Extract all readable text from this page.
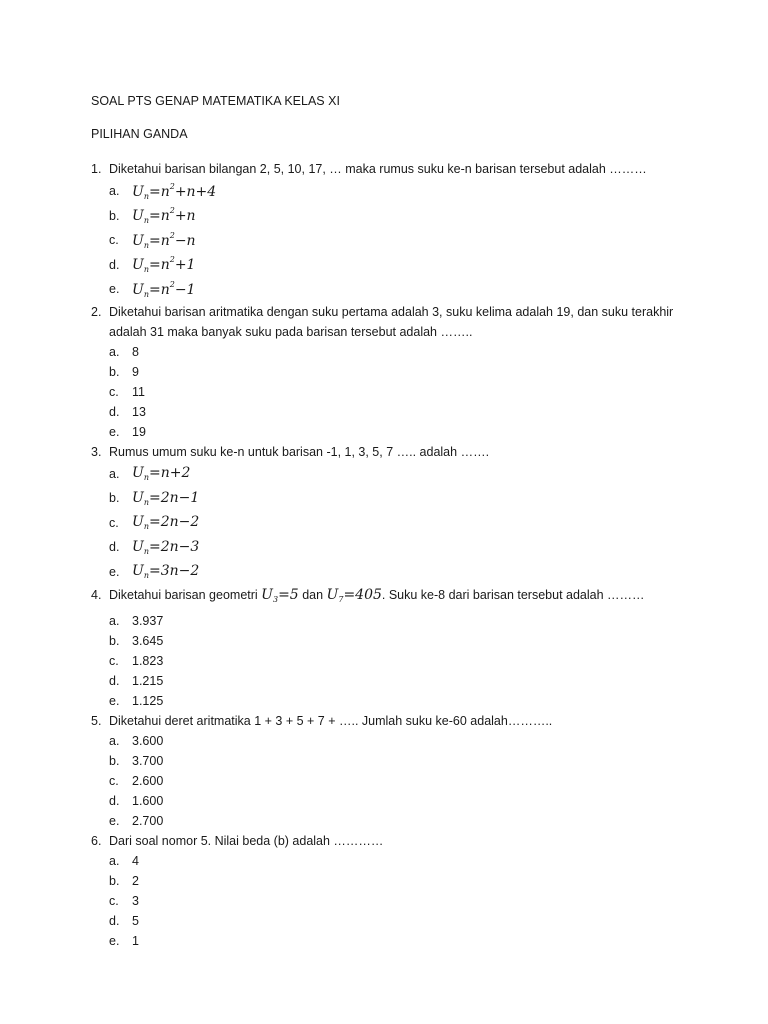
SOAL PTS GENAP MATEMATIKA KELAS XI
PILIHAN GANDA
1. Diketahui barisan bilangan 2, 5, 10, 17, … maka rumus suku ke-n barisan tersebut adalah ………
a. $U_n=n^2+n+4$
b. $U_n=n^2+n$
c. $U_n=n^2-n$
d. $U_n=n^2+1$
e. $U_n=n^2-1$
2. Diketahui barisan aritmatika dengan suku pertama adalah 3, suku kelima adalah 19, dan suku terakhir adalah 31 maka banyak suku pada barisan tersebut adalah ……..
a.	8
b.	9
c.	11
d.	13
e.	19
3. Rumus umum suku ke-n untuk barisan -1, 1, 3, 5, 7 ….. adalah …….
a. $U_n=n+2$
b. $U_n=2n-1$
c. $U_n=2n-2$
d. $U_n=2n-3$
e. $U_n=3n-2$
4. Diketahui barisan geometri $U_3=5$ dan $U_7=405$. Suku ke-8 dari barisan tersebut adalah ………
a.	3.937
b.	3.645
c.	1.823
d.	1.215
e.	1.125
5. Diketahui deret aritmatika 1 + 3 + 5 + 7 + ….. Jumlah suku ke-60 adalah………..
a.	3.600
b.	3.700
c.	2.600
d.	1.600
e.	2.700
6. Dari soal nomor 5. Nilai beda (b) adalah …………
a.	4
b.	2
c.	3
d.	5
e.	1
